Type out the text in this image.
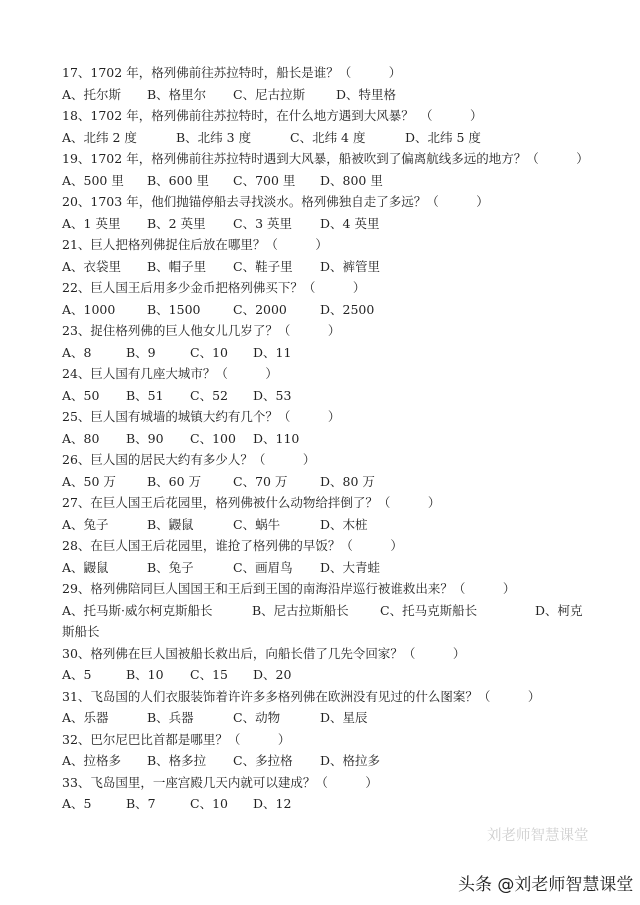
17、1702 年，格列佛前往苏拉特时，船长是谁？（　　　）
A、托尔斯 B、格里尔 C、尼古拉斯 D、特里格
18、1702 年，格列佛前往苏拉特时，在什么地方遇到大风暴？　（　　　）
A、北纬 2 度	B、北纬 3 度	C、北纬 4 度	D、北纬 5 度
19、1702 年，格列佛前往苏拉特时遇到大风暴，船被吹到了偏离航线多远的地方？（　　　）
A、500 里 B、600 里 C、700 里 D、800 里
20、1703 年，他们抛锚停船去寻找淡水。格列佛独自走了多远？（　　　）
A、1 英里 B、2 英里 C、3 英里 D、4 英里
21、巨人把格列佛捉住后放在哪里？（　　　）
A、衣袋里 B、帽子里 C、鞋子里 D、裤管里
22、巨人国王后用多少金币把格列佛买下？（　　　）
A、1000	B、1500	C、2000	D、2500
23、捉住格列佛的巨人他女儿几岁了？（　　　）
A、8	B、9	C、10 D、11
24、巨人国有几座大城市？（　　　）
A、50 B、51 C、52 D、53
25、巨人国有城墙的城镇大约有几个？（　　　）
A、80 B、90 C、100 D、110
26、巨人国的居民大约有多少人？（　　　）
A、50 万 B、60 万	C、70 万	D、80 万
27、在巨人国王后花园里，格列佛被什么动物给拌倒了？（　　　）
A、兔子	B、鼹鼠	C、蜗牛	D、木桩
28、在巨人国王后花园里，谁抢了格列佛的早饭？（　　　）
A、鼹鼠	B、兔子	C、画眉鸟 D、大青蛙
29、格列佛陪同巨人国国王和王后到王国的南海沿岸巡行被谁救出来？（　　　）
A、托马斯·威尔柯克斯船长	B、尼古拉斯船长	C、托马克斯船长	D、柯克
斯船长
30、格列佛在巨人国被船长救出后，向船长借了几先令回家？（　　　）
A、5	B、10 C、15 D、20
31、飞岛国的人们衣服装饰着许许多多格列佛在欧洲没有见过的什么图案？（　　　）
A、乐器	B、兵器	C、动物	D、星辰
32、巴尔尼巴比首都是哪里？（　　　）
A、拉格多 B、格多拉 C、多拉格 D、格拉多
33、飞岛国里，一座宫殿几天内就可以建成？（　　　）
A、5	B、7	C、10 D、12
刘老师智慧课堂
头条 @刘老师智慧课堂
